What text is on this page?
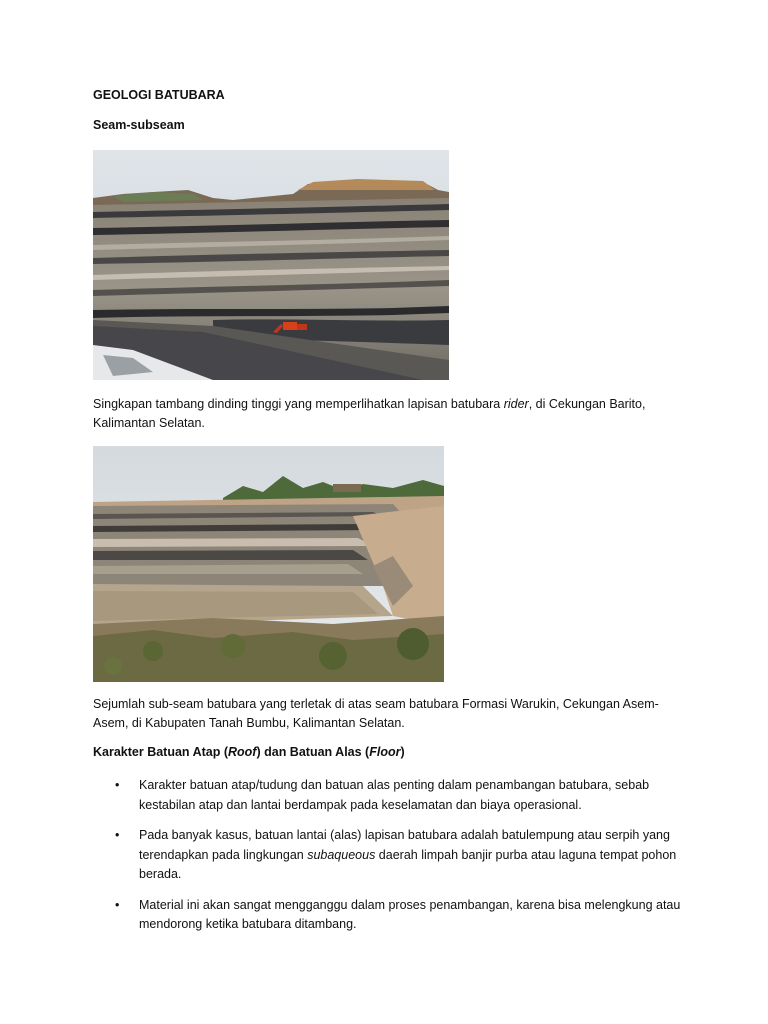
GEOLOGI BATUBARA
Seam-subseam

Singkapan tambang dinding tinggi yang memperlihatkan lapisan batubara rider, di Cekungan Barito, Kalimantan Selatan.

Sejumlah sub-seam batubara yang terletak di atas seam batubara Formasi Warukin, Cekungan Asem-Asem, di Kabupaten Tanah Bumbu, Kalimantan Selatan.

Karakter Batuan Atap (Roof) dan Batuan Alas (Floor)
• Karakter batuan atap/tudung dan batuan alas penting dalam penambangan batubara, sebab kestabilan atap dan lantai berdampak pada keselamatan dan biaya operasional.
• Pada banyak kasus, batuan lantai (alas) lapisan batubara adalah batulempung atau serpih yang terendapkan pada lingkungan subaqueous daerah limpah banjir purba atau laguna tempat pohon berada.
• Material ini akan sangat mengganggu dalam proses penambangan, karena bisa melengkung atau mendorong ketika batubara ditambang.
